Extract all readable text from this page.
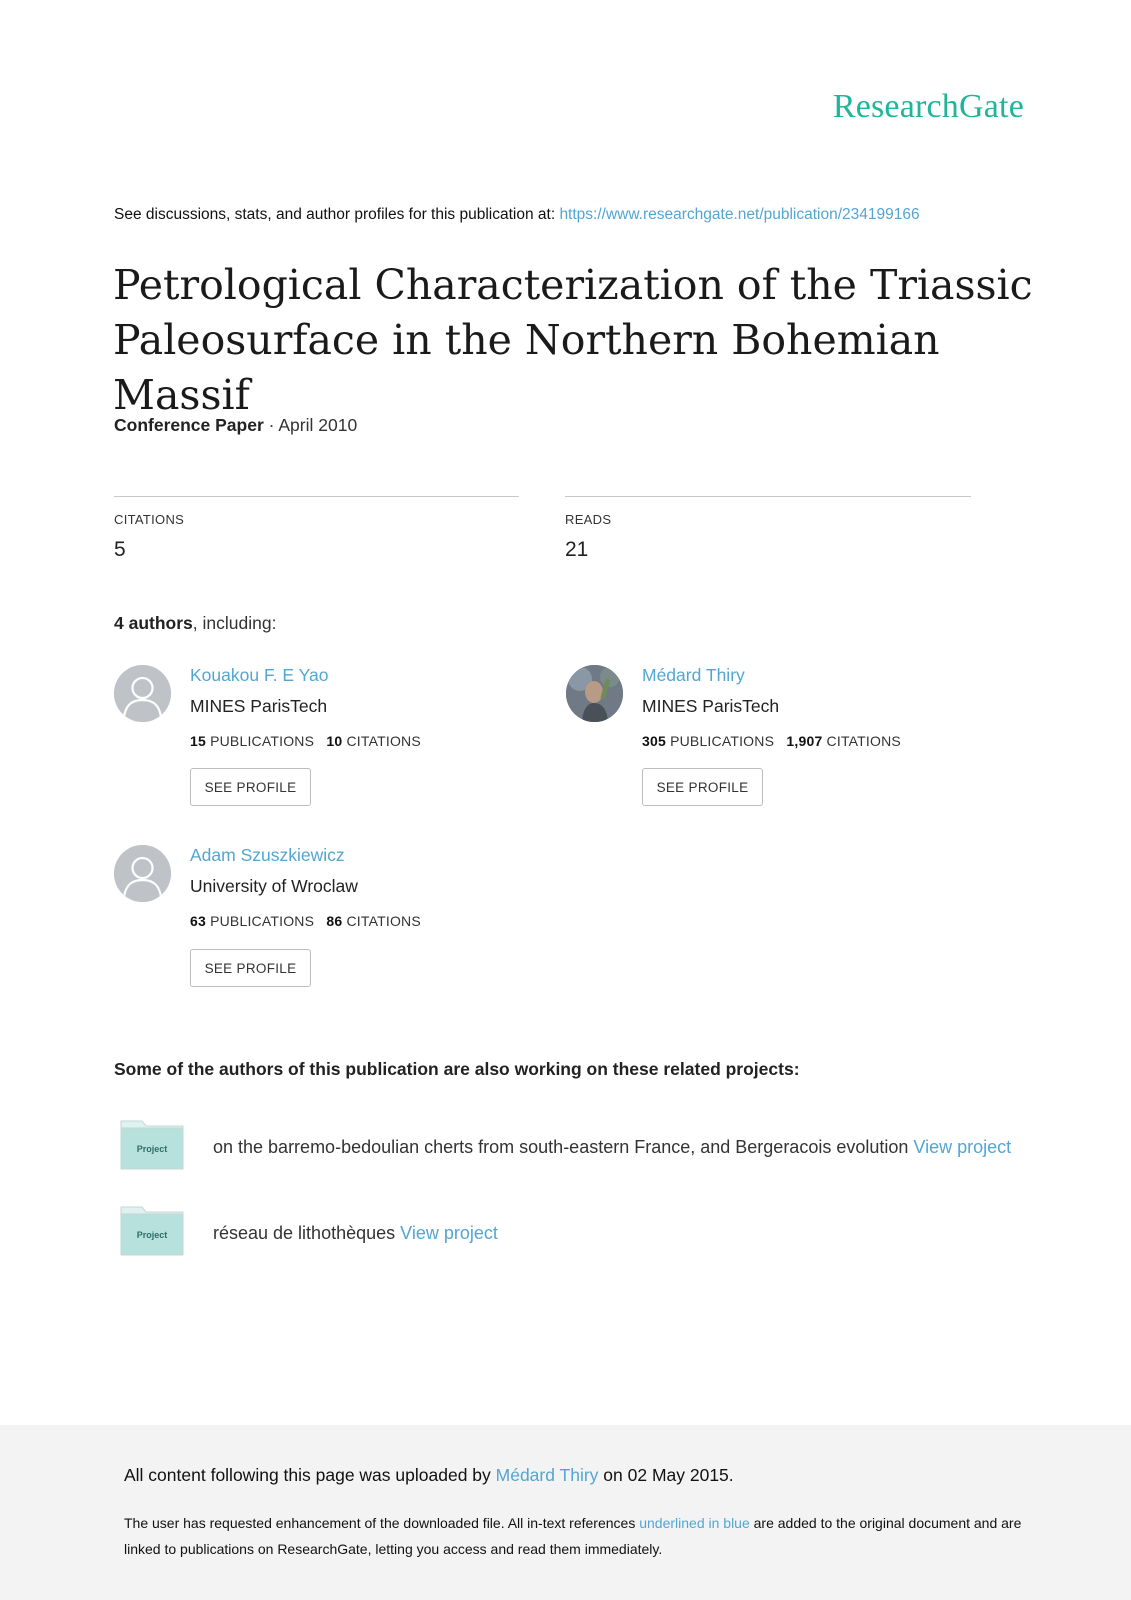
ResearchGate
See discussions, stats, and author profiles for this publication at: https://www.researchgate.net/publication/234199166
Petrological Characterization of the Triassic Paleosurface in the Northern Bohemian Massif
Conference Paper · April 2010
CITATIONS
5
READS
21
4 authors, including:
Kouakou F. E Yao
MINES ParisTech
15 PUBLICATIONS 10 CITATIONS
SEE PROFILE
Médard Thiry
MINES ParisTech
305 PUBLICATIONS 1,907 CITATIONS
SEE PROFILE
Adam Szuszkiewicz
University of Wroclaw
63 PUBLICATIONS 86 CITATIONS
SEE PROFILE
Some of the authors of this publication are also working on these related projects:
Project	on the barremo-bedoulian cherts from south-eastern France, and Bergeracois evolution View project
Project	réseau de lithothèques View project
All content following this page was uploaded by Médard Thiry on 02 May 2015.
The user has requested enhancement of the downloaded file. All in-text references underlined in blue are added to the original document and are linked to publications on ResearchGate, letting you access and read them immediately.
